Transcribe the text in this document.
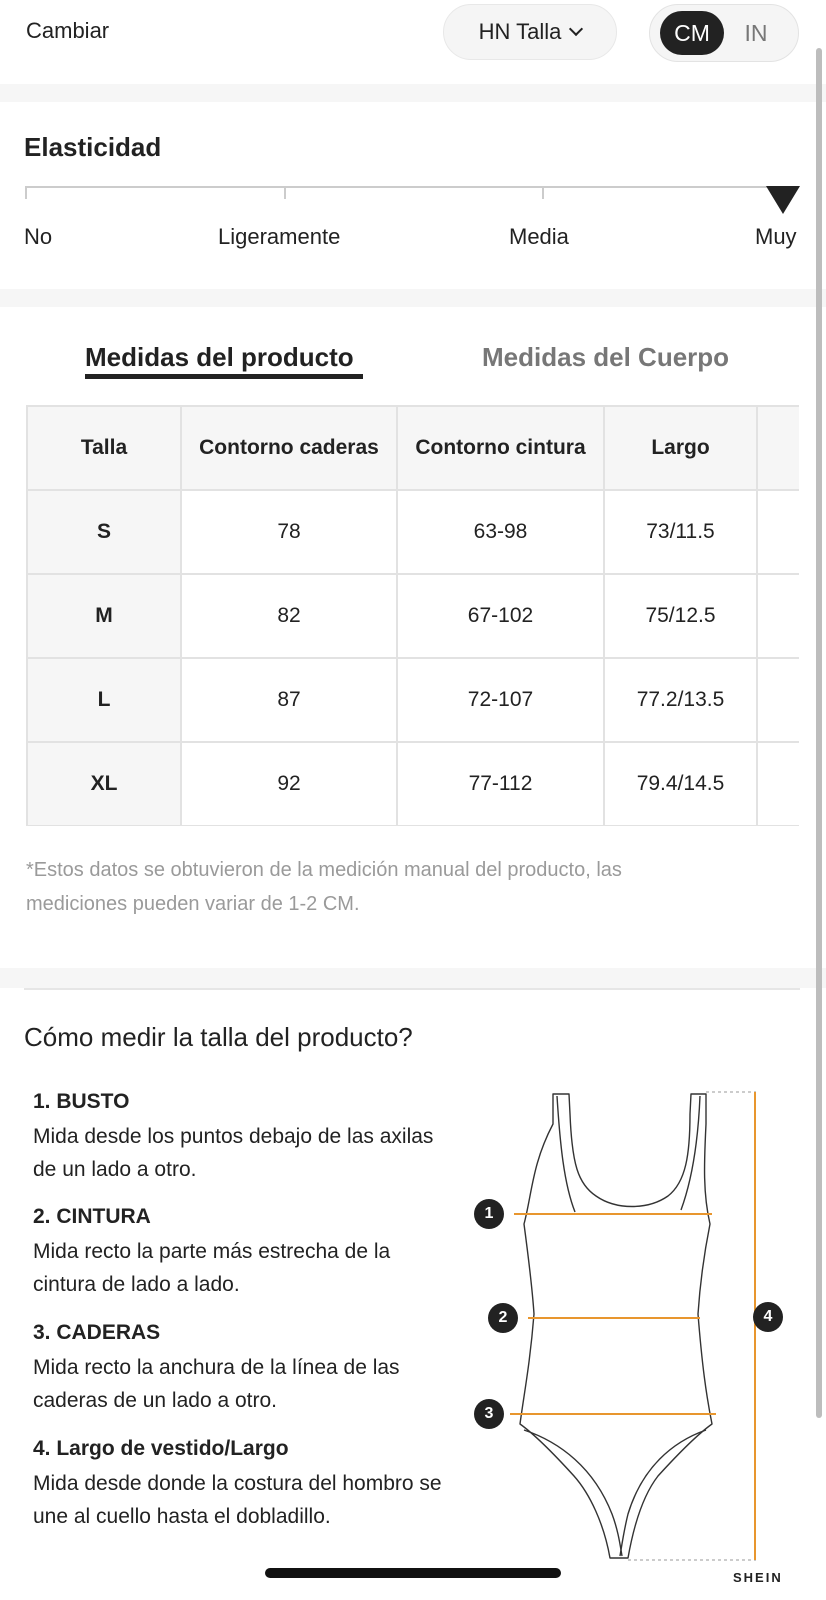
Cambiar	HN Talla	CM	IN
Elasticidad
No	Ligeramente	Media	Muy
Medidas del producto	Medidas del Cuerpo
Talla	Contorno caderas	Contorno cintura	Largo	
S	78	63-98	73/11.5	
M	82	67-102	75/12.5	
L	87	72-107	77.2/13.5	
XL	92	77-112	79.4/14.5	

*Estos datos se obtuvieron de la medición manual del producto, las mediciones pueden variar de 1-2 CM.

Cómo medir la talla del producto?
1. BUSTO
Mida desde los puntos debajo de las axilas de un lado a otro.
2. CINTURA
Mida recto la parte más estrecha de la cintura de lado a lado.
3. CADERAS
Mida recto la anchura de la línea de las caderas de un lado a otro.
4. Largo de vestido/Largo
Mida desde donde la costura del hombro se une al cuello hasta el dobladillo.
1
2
3
4
SHEIN
